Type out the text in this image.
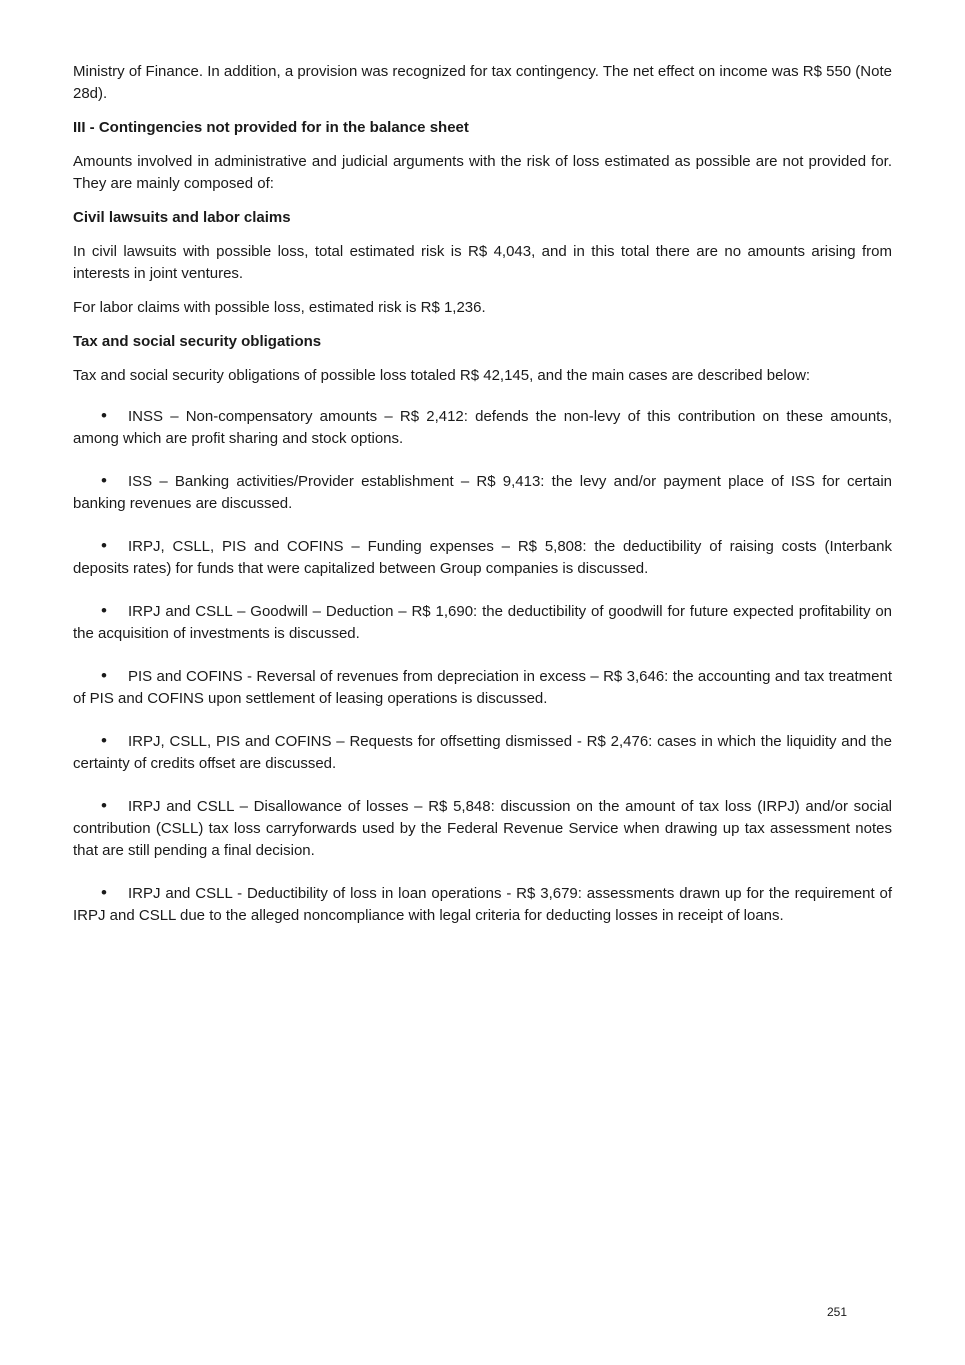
Ministry of Finance. In addition, a provision was recognized for tax contingency. The net effect on income was R$ 550 (Note 28d).

III - Contingencies not provided for in the balance sheet

Amounts involved in administrative and judicial arguments with the risk of loss estimated as possible are not provided for. They are mainly composed of:

Civil lawsuits and labor claims

In civil lawsuits with possible loss, total estimated risk is R$ 4,043, and in this total there are no amounts arising from interests in joint ventures.

For labor claims with possible loss, estimated risk is R$ 1,236.

Tax and social security obligations

Tax and social security obligations of possible loss totaled R$ 42,145, and the main cases are described below:

• INSS – Non-compensatory amounts – R$ 2,412: defends the non-levy of this contribution on these amounts, among which are profit sharing and stock options.
• ISS – Banking activities/Provider establishment – R$ 9,413: the levy and/or payment place of ISS for certain banking revenues are discussed.
• IRPJ, CSLL, PIS and COFINS – Funding expenses – R$ 5,808: the deductibility of raising costs (Interbank deposits rates) for funds that were capitalized between Group companies is discussed.
• IRPJ and CSLL – Goodwill – Deduction – R$ 1,690: the deductibility of goodwill for future expected profitability on the acquisition of investments is discussed.
• PIS and COFINS - Reversal of revenues from depreciation in excess – R$ 3,646: the accounting and tax treatment of PIS and COFINS upon settlement of leasing operations is discussed.
• IRPJ, CSLL, PIS and COFINS – Requests for offsetting dismissed - R$ 2,476: cases in which the liquidity and the certainty of credits offset are discussed.
• IRPJ and CSLL – Disallowance of losses – R$ 5,848: discussion on the amount of tax loss (IRPJ) and/or social contribution (CSLL) tax loss carryforwards used by the Federal Revenue Service when drawing up tax assessment notes that are still pending a final decision.
• IRPJ and CSLL - Deductibility of loss in loan operations - R$ 3,679: assessments drawn up for the requirement of IRPJ and CSLL due to the alleged noncompliance with legal criteria for deducting losses in receipt of loans.
251
